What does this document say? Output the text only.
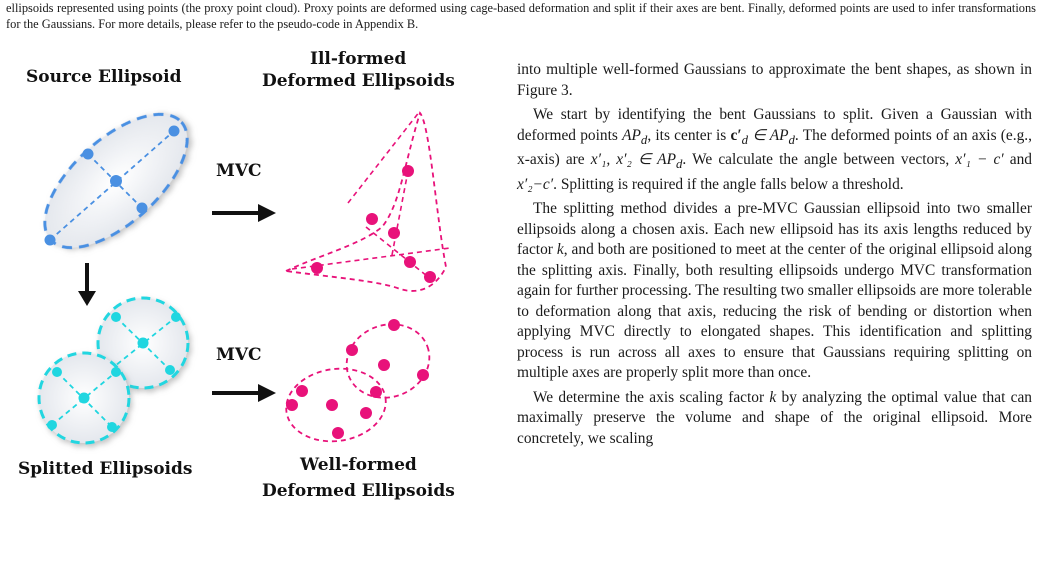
ellipsoids represented using points (the proxy point cloud). Proxy points are deformed using cage-based deformation and split if their axes are bent. Finally, deformed points are used to infer transformations for the Gaussians. For more details, please refer to the pseudo-code in Appendix B.

Source Ellipsoid
Ill-formed
Deformed Ellipsoids
MVC
MVC
Splitted Ellipsoids	Well-formed
Deformed Ellipsoids

into multiple well-formed Gaussians to approximate the bent shapes, as shown in Figure 3.

We start by identifying the bent Gaussians to split. Given a Gaussian with deformed points $AP_d$, its center is $c'_d$ ∈ $AP_d$. The deformed points of an axis (e.g., x-axis) are x′₁, x′₂ ∈ $AP_d$. We calculate the angle between vectors, x′₁ − c′ and x′₂−c′. Splitting is required if the angle falls below a threshold.

The splitting method divides a pre-MVC Gaussian ellipsoid into two smaller ellipsoids along a chosen axis. Each new ellipsoid has its axis lengths reduced by factor k, and both are positioned to meet at the center of the original ellipsoid along the splitting axis. Finally, both resulting ellipsoids undergo MVC transformation again for further processing. The resulting two smaller ellipsoids are more tolerable to deformation along that axis, reducing the risk of bending or distortion when applying MVC directly to elongated shapes. This identification and splitting process is run across all axes to ensure that Gaussians requiring splitting on multiple axes are properly split more than once.

We determine the axis scaling factor k by analyzing the optimal value that can maximally preserve the volume and shape of the original ellipsoid. More concretely, we scaling
